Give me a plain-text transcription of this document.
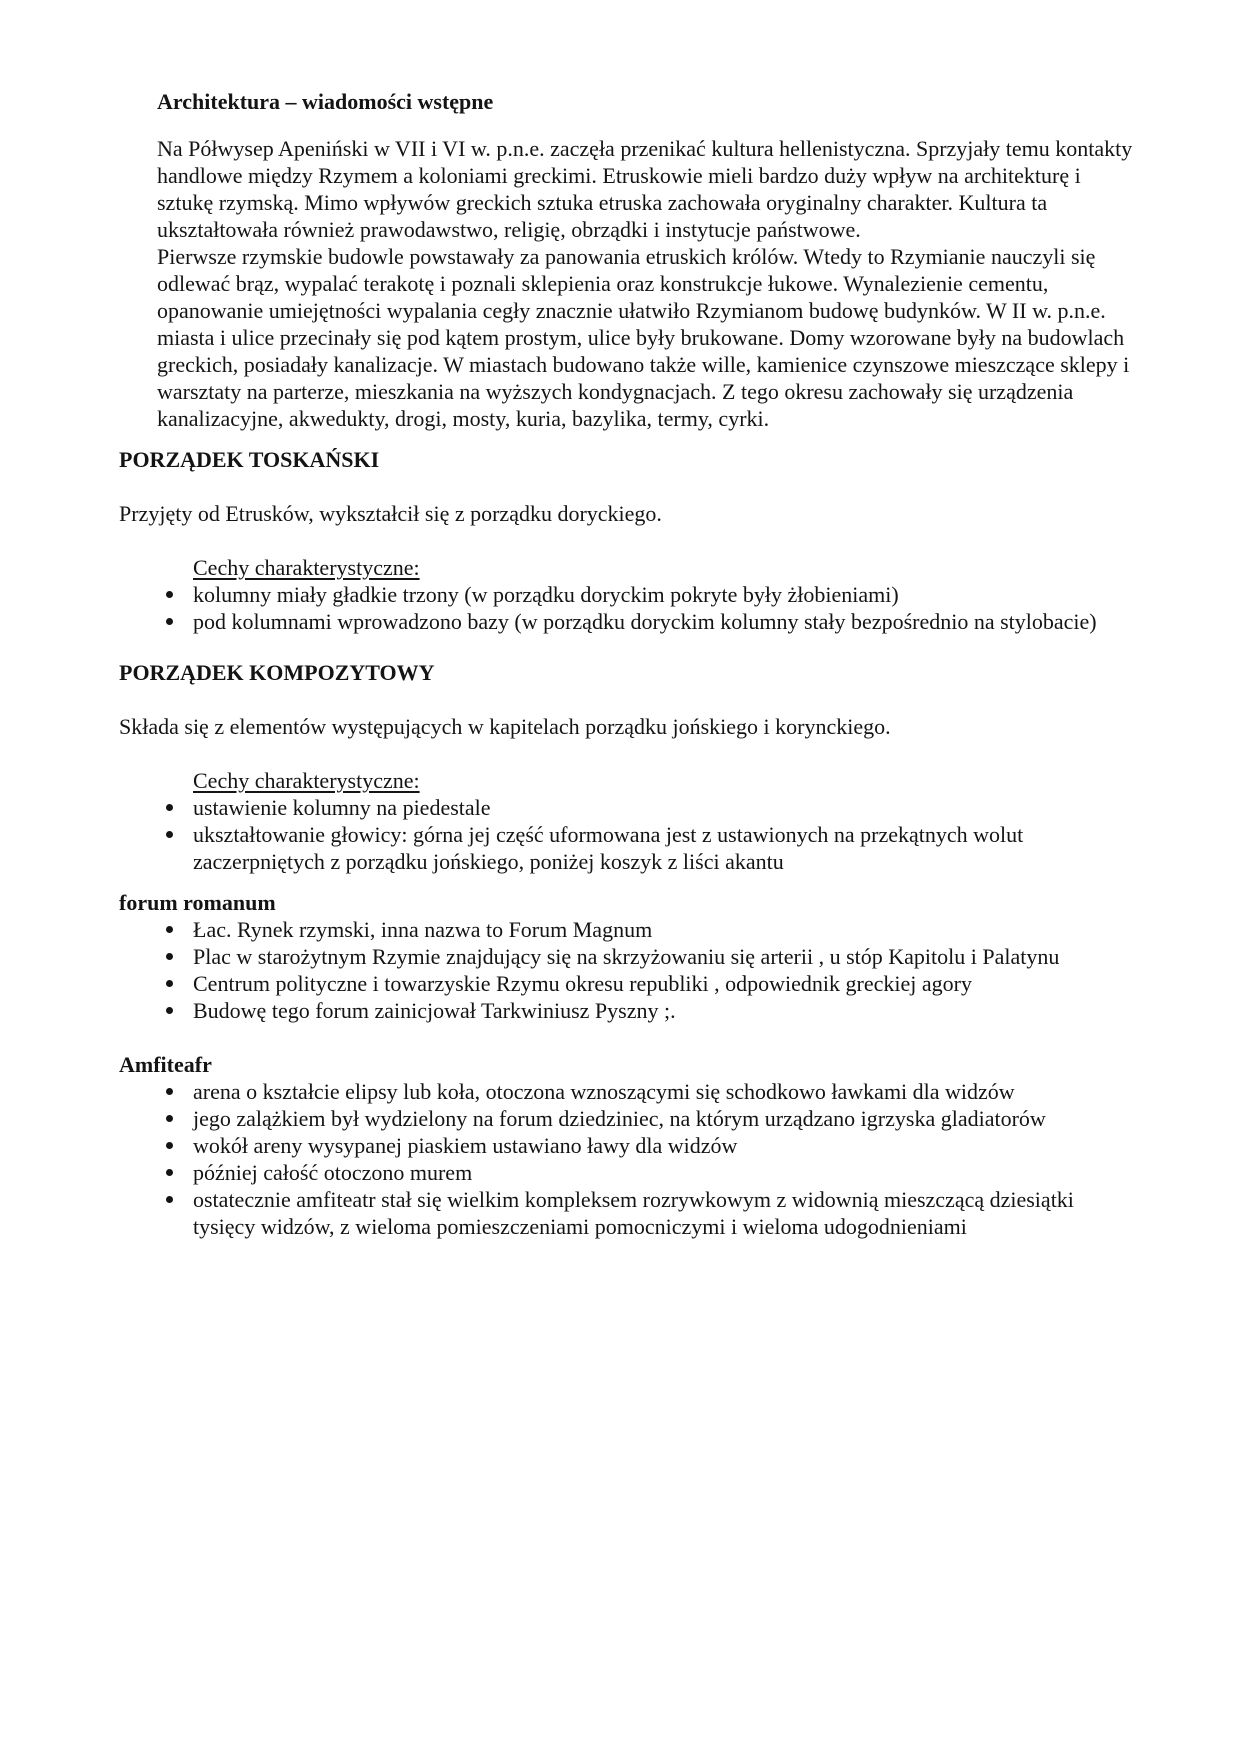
Architektura – wiadomości wstępne

Na Półwysep Apeniński w VII i VI w. p.n.e. zaczęła przenikać kultura hellenistyczna. Sprzyjały temu kontakty handlowe między Rzymem a koloniami greckimi. Etruskowie mieli bardzo duży wpływ na architekturę i sztukę rzymską. Mimo wpływów greckich sztuka etruska zachowała oryginalny charakter. Kultura ta ukształtowała również prawodawstwo, religię, obrządki i instytucje państwowe.

Pierwsze rzymskie budowle powstawały za panowania etruskich królów. Wtedy to Rzymianie nauczyli się odlewać brąz, wypalać terakotę i poznali sklepienia oraz konstrukcje łukowe. Wynalezienie cementu, opanowanie umiejętności wypalania cegły znacznie ułatwiło Rzymianom budowę budynków. W II w. p.n.e. miasta i ulice przecinały się pod kątem prostym, ulice były brukowane. Domy wzorowane były na budowlach greckich, posiadały kanalizacje. W miastach budowano także wille, kamienice czynszowe mieszczące sklepy i warsztaty na parterze, mieszkania na wyższych kondygnacjach. Z tego okresu zachowały się urządzenia kanalizacyjne, akwedukty, drogi, mosty, kuria, bazylika, termy, cyrki.

PORZĄDEK TOSKAŃSKI

Przyjęty od Etrusków, wykształcił się z porządku doryckiego.

Cechy charakterystyczne:
kolumny miały gładkie trzony (w porządku doryckim pokryte były żłobieniami)
pod kolumnami wprowadzono bazy (w porządku doryckim kolumny stały bezpośrednio na stylobacie)
PORZĄDEK KOMPOZYTOWY

Składa się z elementów występujących w kapitelach porządku jońskiego i korynckiego.

Cechy charakterystyczne:
ustawienie kolumny na piedestale
ukształtowanie głowicy: górna jej część uformowana jest z ustawionych na przekątnych wolut zaczerpniętych z porządku jońskiego, poniżej koszyk z liści akantu
forum romanum
Łac. Rynek rzymski, inna nazwa to Forum Magnum
Plac w starożytnym Rzymie znajdujący się na skrzyżowaniu się arterii , u stóp Kapitolu i Palatynu
Centrum polityczne i towarzyskie Rzymu okresu republiki , odpowiednik greckiej agory
Budowę tego forum zainicjował Tarkwiniusz Pyszny ;.
Amfiteafr
arena o kształcie elipsy lub koła, otoczona wznoszącymi się schodkowo ławkami dla widzów
jego zalążkiem był wydzielony na forum dziedziniec, na którym urządzano igrzyska gladiatorów
wokół areny wysypanej piaskiem ustawiano ławy dla widzów
później całość otoczono murem
ostatecznie amfiteatr stał się wielkim kompleksem rozrywkowym z widownią mieszczącą dziesiątki tysięcy widzów, z wieloma pomieszczeniami pomocniczymi i wieloma udogodnieniami
